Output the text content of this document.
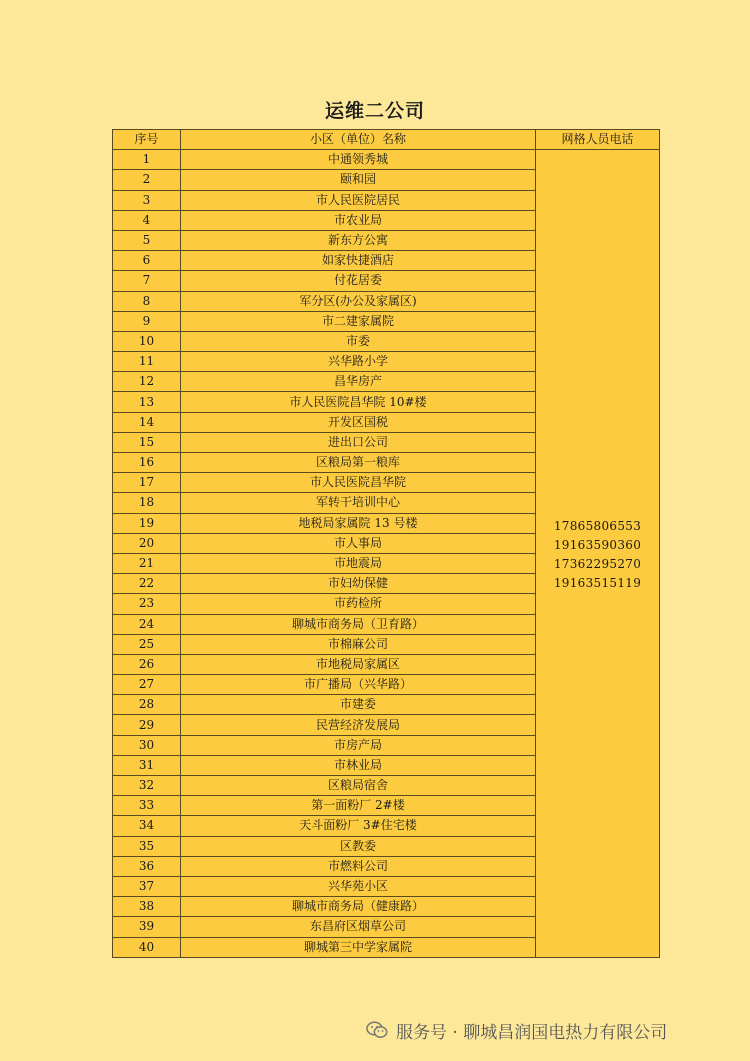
运维二公司
序号	小区（单位）名称	网格人员电话
1	中通领秀城	17865806553
19163590360
17362295270
19163515119

2	颐和园	
3	市人民医院居民	
4	市农业局	
5	新东方公寓	
6	如家快捷酒店	
7	付花居委	
8	军分区(办公及家属区)	
9	市二建家属院	
10	市委	
11	兴华路小学	
12	昌华房产	
13	市人民医院昌华院 10#楼	
14	开发区国税	
15	进出口公司	
16	区粮局第一粮库	
17	市人民医院昌华院	
18	军转干培训中心	
19	地税局家属院 13 号楼	
20	市人事局	
21	市地震局	
22	市妇幼保健	
23	市药检所	
24	聊城市商务局（卫育路）	
25	市棉麻公司	
26	市地税局家属区	
27	市广播局（兴华路）	
28	市建委	
29	民营经济发展局	
30	市房产局	
31	市林业局	
32	区粮局宿舍	
33	第一面粉厂 2#楼	
34	天斗面粉厂 3#住宅楼	
35	区教委	
36	市燃料公司	
37	兴华苑小区	
38	聊城市商务局（健康路）	
39	东昌府区烟草公司	
40	聊城第三中学家属院	
服务号 · 聊城昌润国电热力有限公司
